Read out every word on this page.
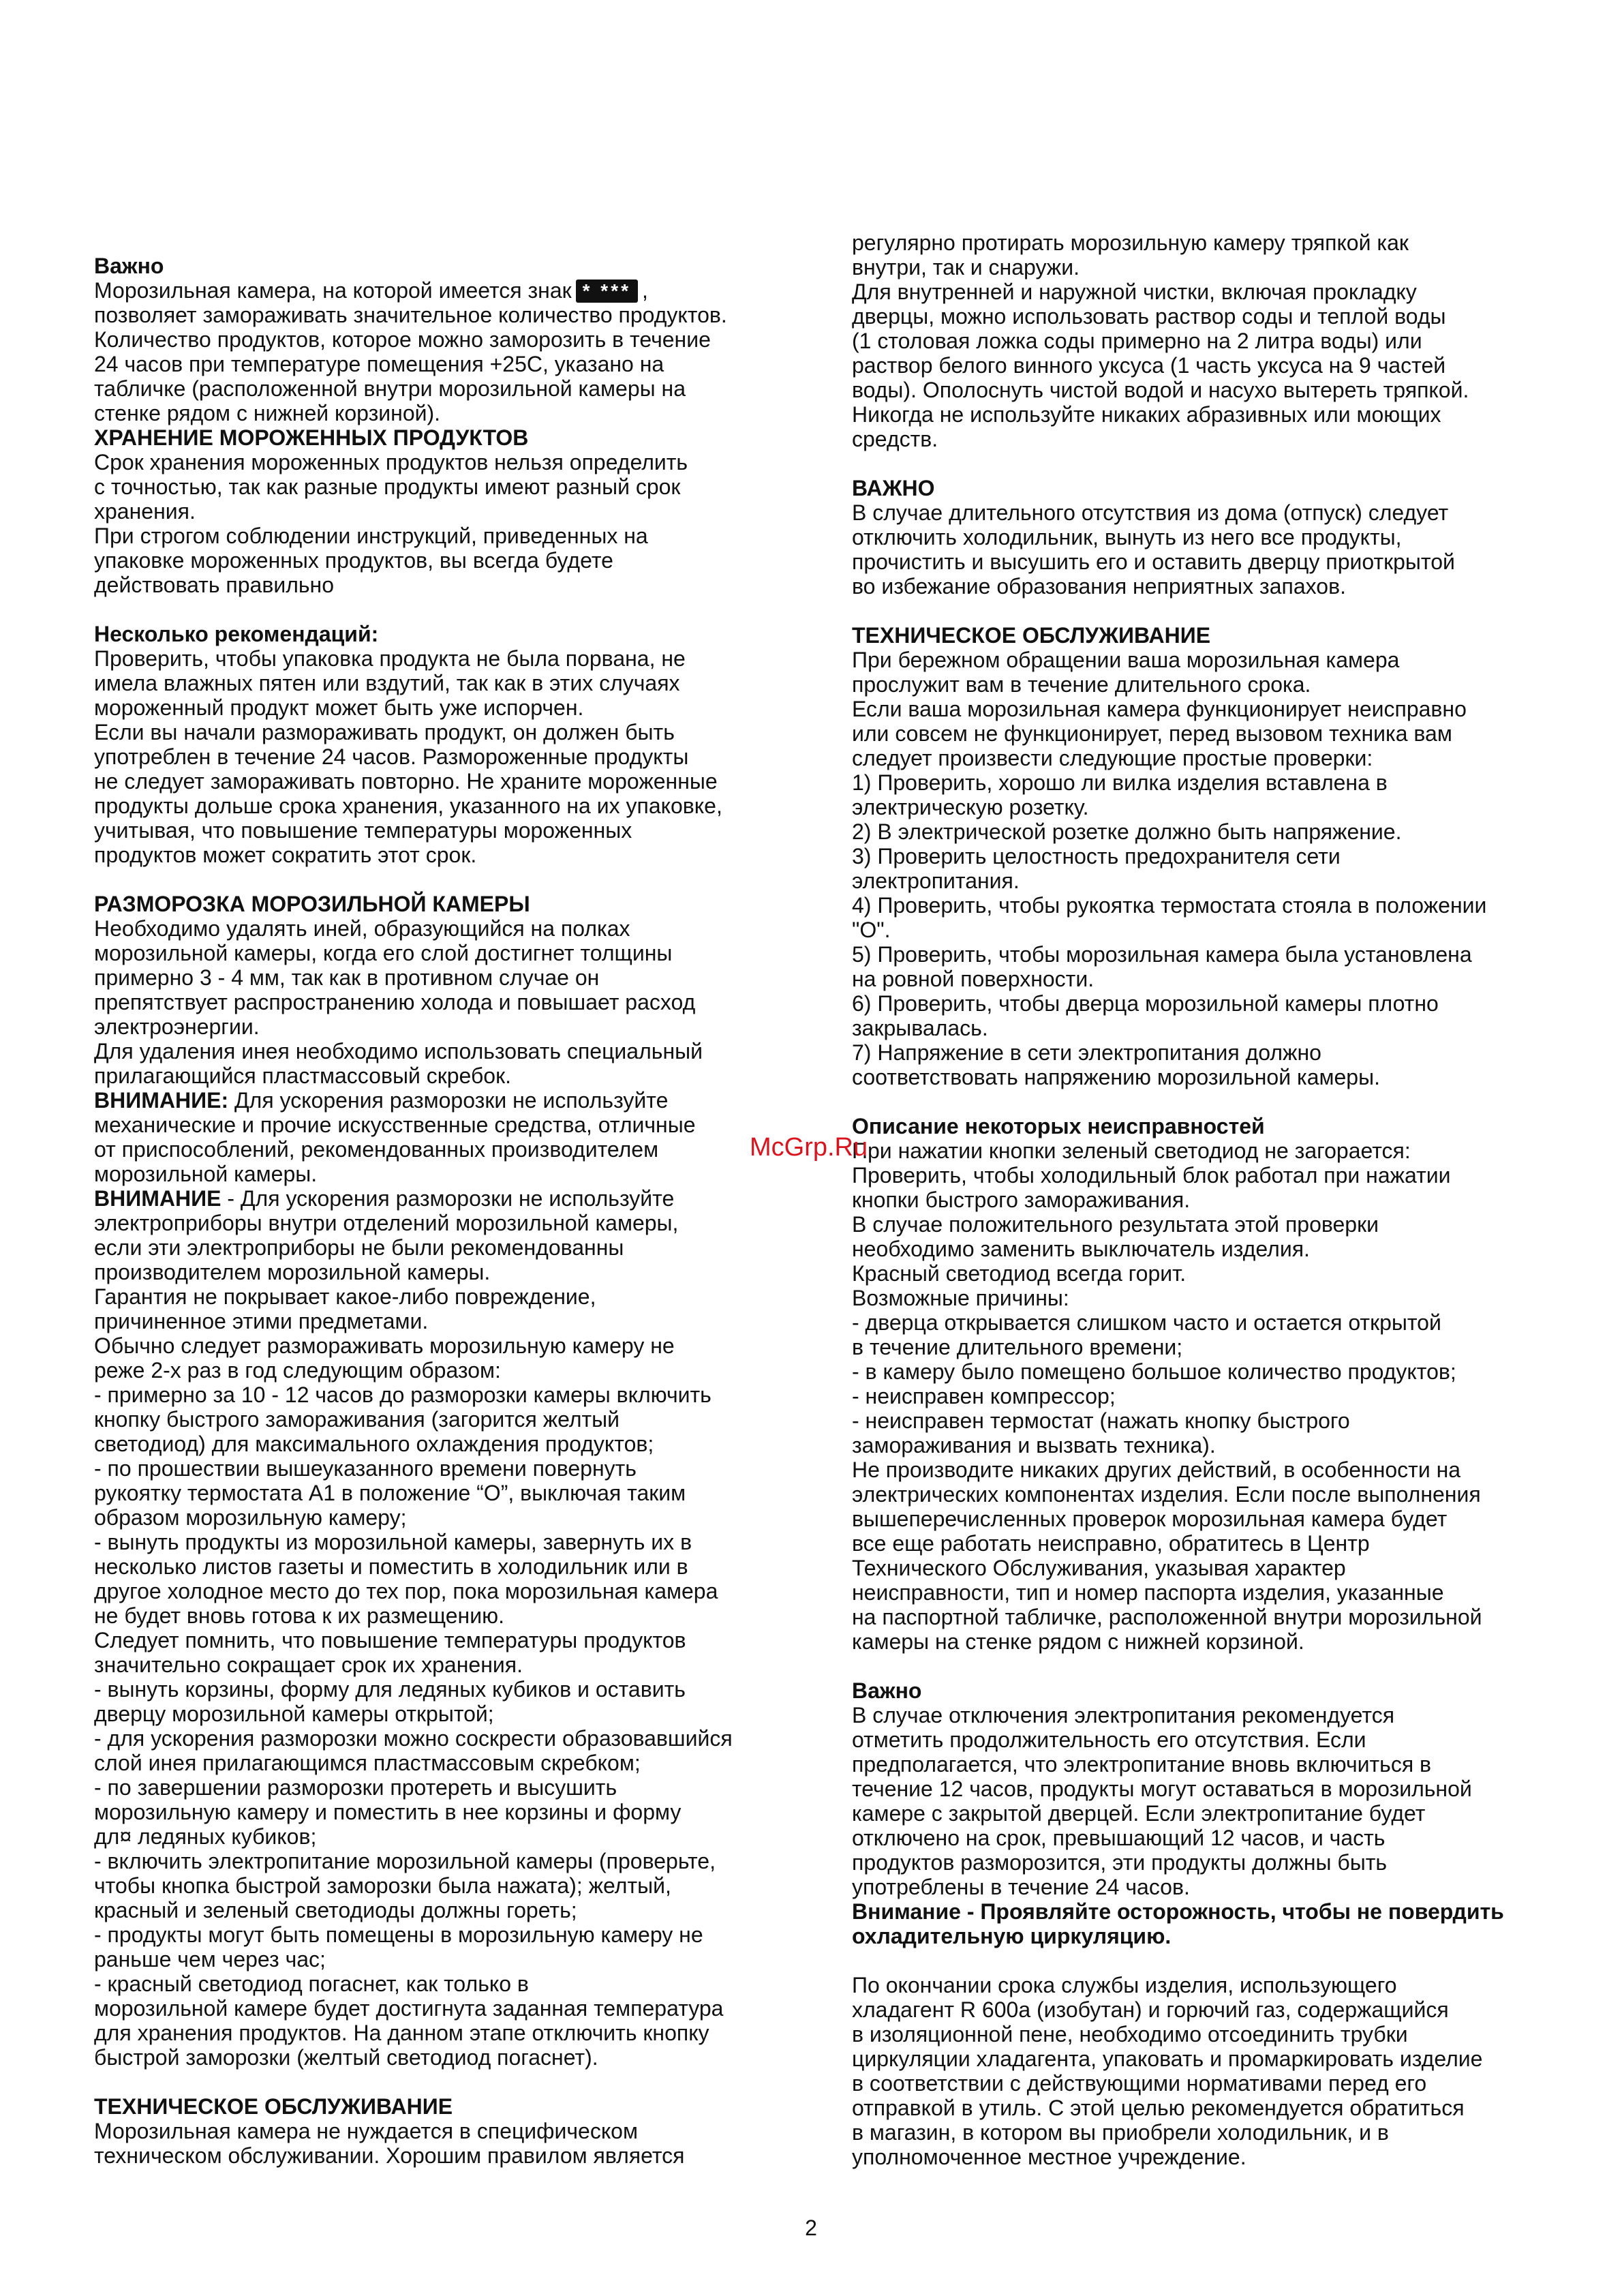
Важно

Морозильная камера, на которой имеется знак * *** ,

позволяет замораживать значительное количество продуктов.

Количество продуктов, которое можно заморозить в течение

24 часов при температуре помещения +25С, указано на

табличке (расположенной внутри морозильной камеры на

стенке рядом с нижней корзиной).

ХРАНЕНИЕ МОРОЖЕННЫХ ПРОДУКТОВ

Срок хранения мороженных продуктов нельзя определить

с точностью, так как разные продукты имеют разный срок

хранения.

При строгом соблюдении инструкций, приведенных на

упаковке мороженных продуктов, вы всегда будете

действовать правильно

Несколько рекомендаций:

Проверить, чтобы упаковка продукта не была порвана, не

имела влажных пятен или вздутий, так как в этих случаях

мороженный продукт может быть уже испорчен.

Если вы начали размораживать продукт, он должен быть

употреблен в течение 24 часов. Размороженные продукты

не следует замораживать повторно. Не храните мороженные

продукты дольше срока хранения, указанного на их упаковке,

учитывая, что повышение температуры мороженных

продуктов может сократить этот срок.

РАЗМОРОЗКА МОРОЗИЛЬНОЙ КАМЕРЫ

Необходимо удалять иней, образующийся на полках

морозильной камеры, когда его слой достигнет толщины

примерно 3 - 4 мм, так как в противном случае он

препятствует распространению холода и повышает расход

электроэнергии.

Для удаления инея необходимо использовать специальный

прилагающийся пластмассовый скребок.

ВНИМАНИЕ: Для ускорения разморозки не используйте

механические и прочие искусственные средства, отличные

от приспособлений, рекомендованных производителем

морозильной камеры.

ВНИМАНИЕ - Для ускорения разморозки не используйте

электроприборы внутри отделений морозильной камеры,

если эти электроприборы не были рекомендованны

производителем морозильной камеры.

Гарантия не покрывает какое-либо повреждение,

причиненное этими предметами.

Обычно следует размораживать морозильную камеру не

реже 2-х раз в год следующим образом:

- примерно за 10 - 12 часов до разморозки камеры включить

кнопку быстрого замораживания (загорится желтый

светодиод) для максимального охлаждения продуктов;

- по прошествии вышеуказанного времени повернуть

рукоятку термостата А1 в положение “О”, выключая таким

образом морозильную камеру;

- вынуть продукты из морозильной камеры, завернуть их в

несколько листов газеты и поместить в холодильник или в

другое холодное место до тех пор, пока морозильная камера

не будет вновь готова к их размещению.

Следует помнить, что повышение температуры продуктов

значительно сокращает срок их хранения.

- вынуть корзины, форму для ледяных кубиков и оставить

дверцу морозильной камеры открытой;

- для ускорения разморозки можно соскрести образовавшийся

слой инея прилагающимся пластмассовым скребком;

- по завершении разморозки протереть и высушить

морозильную камеру и поместить в нее корзины и форму

дл¤ ледяных кубиков;

- включить электропитание морозильной камеры (проверьте,

чтобы кнопка быстрой заморозки была нажата); желтый,

красный и зеленый светодиоды должны гореть;

- продукты могут быть помещены в морозильную камеру не

раньше чем через час;

- красный светодиод погаснет, как только в

морозильной камере будет достигнута заданная температура

для хранения продуктов. На данном этапе отключить кнопку

быстрой заморозки (желтый светодиод погаснет).

ТЕХНИЧЕСКОЕ ОБСЛУЖИВАНИЕ

Морозильная камера не нуждается в специфическом

техническом обслуживании. Хорошим правилом является

регулярно протирать морозильную камеру тряпкой как

внутри, так и снаружи.

Для внутренней и наружной чистки, включая прокладку

дверцы, можно использовать раствор соды и теплой воды

(1 столовая ложка соды примерно на 2 литра воды) или

раствор белого винного уксуса (1 часть уксуса на 9 частей

воды). Ополоснуть чистой водой и насухо вытереть тряпкой.

Никогда не используйте никаких абразивных или моющих

средств.

ВАЖНО

В случае длительного отсутствия из дома (отпуск) следует

отключить холодильник, вынуть из него все продукты,

прочистить и высушить его и оставить дверцу приоткрытой

во избежание образования неприятных запахов.

ТЕХНИЧЕСКОЕ ОБСЛУЖИВАНИЕ

При бережном обращении ваша морозильная камера

прослужит вам в течение длительного срока.

Если ваша морозильная камера функционирует неисправно

или совсем не функционирует, перед вызовом техника вам

следует произвести следующие простые проверки:

1) Проверить, хорошо ли вилка изделия вставлена в

электрическую розетку.

2) В электрической розетке должно быть напряжение.

3) Проверить целостность предохранителя сети

электропитания.

4) Проверить, чтобы рукоятка термостата стояла в положении

"О".

5) Проверить, чтобы морозильная камера была установлена

на ровной поверхности.

6) Проверить, чтобы дверца морозильной камеры плотно

закрывалась.

7) Напряжение в сети электропитания должно

соответствовать напряжению морозильной камеры.

Описание некоторых неисправностей

При нажатии кнопки зеленый светодиод не загорается:

Проверить, чтобы холодильный блок работал при нажатии

кнопки быстрого замораживания.

В случае положительного результата этой проверки

необходимо заменить выключатель изделия.

Красный светодиод всегда горит.

Возможные причины:

- дверца открывается слишком часто и остается открытой

в течение длительного времени;

- в камеру было помещено большое количество продуктов;

- неисправен компрессор;

- неисправен термостат (нажать кнопку быстрого

замораживания и вызвать техника).

Не производите никаких других действий, в особенности на

электрических компонентах изделия. Если после выполнения

вышеперечисленных проверок морозильная камера будет

все еще работать неисправно, обратитесь в Центр

Технического Обслуживания, указывая характер

неисправности, тип и номер паспорта изделия, указанные

на паспортной табличке, расположенной внутри морозильной

камеры на стенке рядом с нижней корзиной.

Важно

В случае отключения электропитания рекомендуется

отметить продолжительность его отсутствия. Если

предполагается, что электропитание вновь включиться в

течение 12 часов, продукты могут оставаться в морозильной

камере с закрытой дверцей. Если электропитание будет

отключено на срок, превышающий 12 часов, и часть

продуктов разморозится, эти продукты должны быть

употреблены в течение 24 часов.

Внимание - Проявляйте осторожность, чтобы не повердить

охладительную циркуляцию.

По окончании срока службы изделия, использующего

хладагент R 600a (изобутан) и горючий газ, содержащийся

в изоляционной пене, необходимо отсоединить трубки

циркуляции хладагента, упаковать и промаркировать изделие

в соответствии с действующими нормативами перед его

отправкой в утиль. С этой целью рекомендуется обратиться

в магазин, в котором вы приобрели холодильник, и в

уполномоченное местное учреждение.

McGrp.Ru
2
